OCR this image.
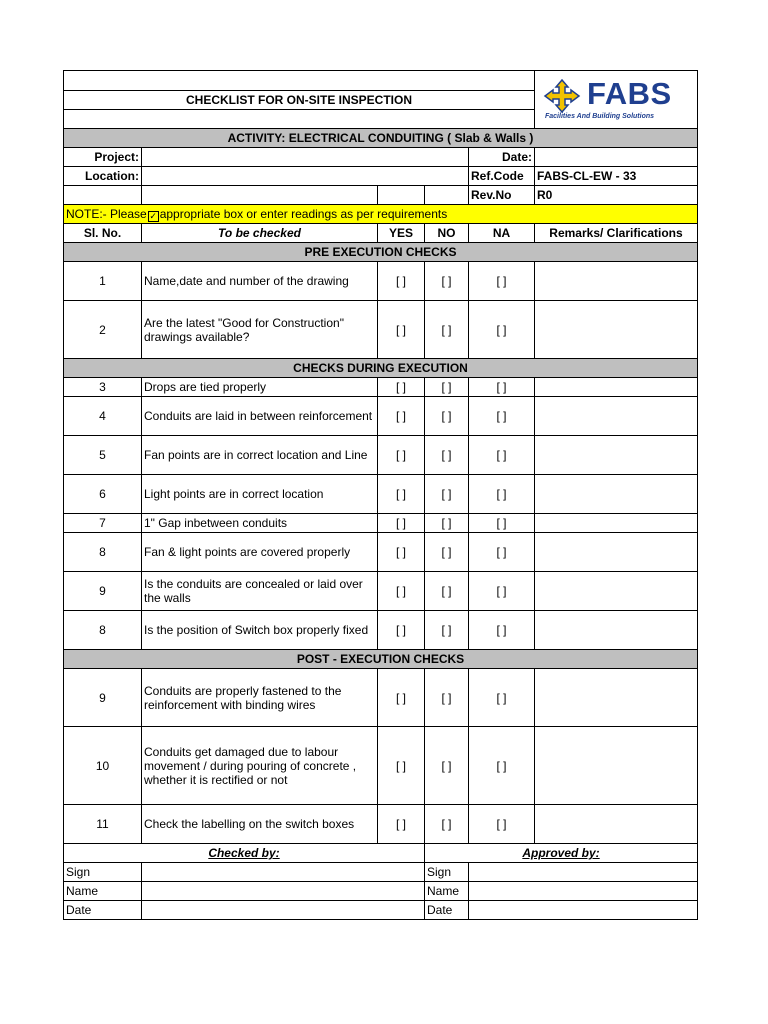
					FABS
Facilities And Building Solutions

CHECKLIST FOR ON-SITE INSPECTION					

ACTIVITY: ELECTRICAL CONDUITING ( Slab & Walls )					
Project:				Date:	
Location:				Ref.Code	FABS-CL-EW - 33
				Rev.No	R0
NOTE:- Please ✓ appropriate box or enter readings as per requirements					
Sl. No.	To be checked	YES	NO	NA	Remarks/ Clarifications
PRE EXECUTION CHECKS					
1	Name,date and number of the drawing	[ ]	[ ]	[ ]	
2	Are the latest "Good for Construction" drawings available?	[ ]	[ ]	[ ]	
CHECKS DURING EXECUTION					
3	Drops are tied properly	[ ]	[ ]	[ ]	
4	Conduits are laid in between reinforcement	[ ]	[ ]	[ ]	
5	Fan points are in correct location and Line	[ ]	[ ]	[ ]	
6	Light points are in correct location	[ ]	[ ]	[ ]	
7	1" Gap inbetween conduits	[ ]	[ ]	[ ]	
8	Fan & light points are covered properly	[ ]	[ ]	[ ]	
9	Is the conduits are concealed or laid over the walls	[ ]	[ ]	[ ]	
8	Is the position of Switch box properly fixed	[ ]	[ ]	[ ]	
POST - EXECUTION CHECKS					
9	Conduits are properly fastened to the reinforcement with binding wires	[ ]	[ ]	[ ]	
10	Conduits get damaged due to labour movement / during pouring of concrete , whether it is rectified or not	[ ]	[ ]	[ ]	
11	Check the labelling on the switch boxes	[ ]	[ ]	[ ]	
Checked by:			Approved by:		
Sign			Sign		
Name			Name		
Date			Date		
